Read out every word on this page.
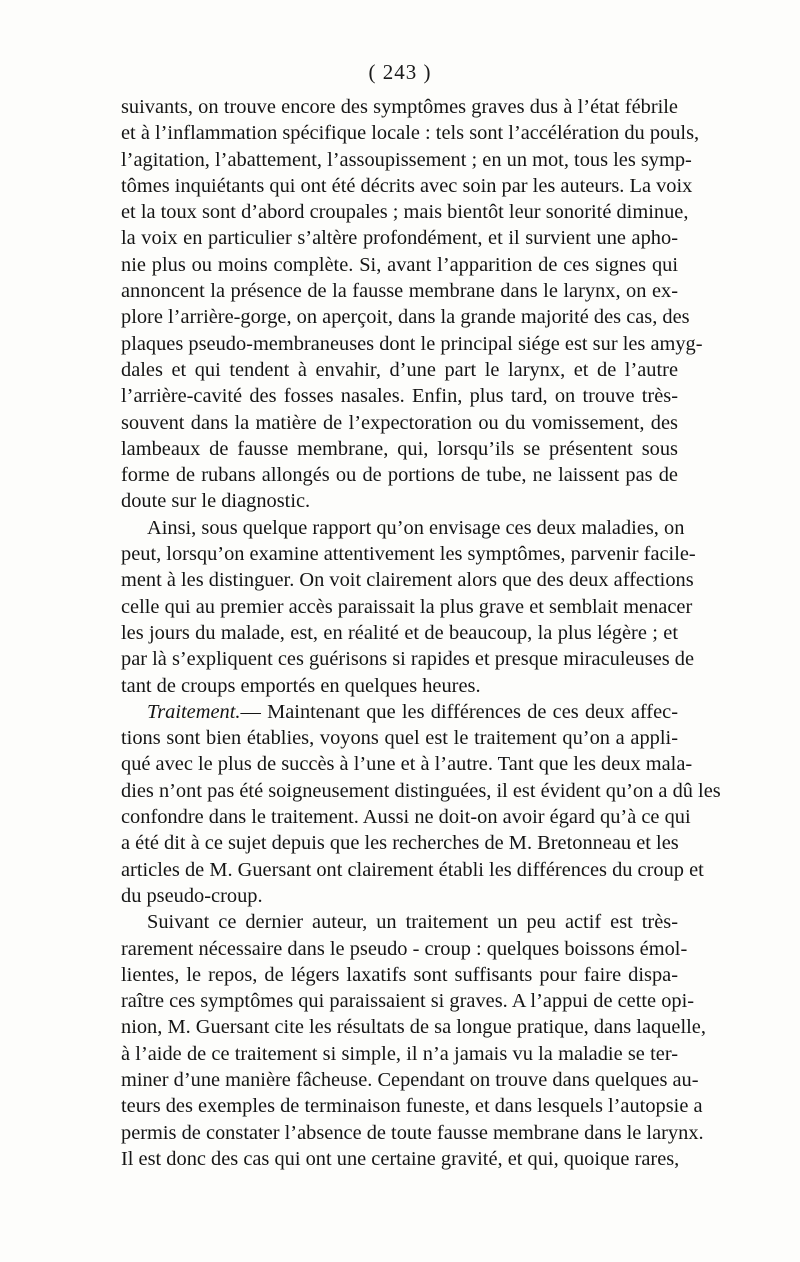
( 243 )
suivants, on trouve encore des symptômes graves dus à l’état fébrile
et à l’inflammation spécifique locale : tels sont l’accélération du pouls,
l’agitation, l’abattement, l’assoupissement ; en un mot, tous les symp-
tômes inquiétants qui ont été décrits avec soin par les auteurs. La voix
et la toux sont d’abord croupales ; mais bientôt leur sonorité diminue,
la voix en particulier s’altère profondément, et il survient une apho-
nie plus ou moins complète. Si, avant l’apparition de ces signes qui
annoncent la présence de la fausse membrane dans le larynx, on ex-
plore l’arrière-gorge, on aperçoit, dans la grande majorité des cas, des
plaques pseudo-membraneuses dont le principal siége est sur les amyg-
dales et qui tendent à envahir, d’une part le larynx, et de l’autre
l’arrière-cavité des fosses nasales. Enfin, plus tard, on trouve très-
souvent dans la matière de l’expectoration ou du vomissement, des
lambeaux de fausse membrane, qui, lorsqu’ils se présentent sous
forme de rubans allongés ou de portions de tube, ne laissent pas de
doute sur le diagnostic.
Ainsi, sous quelque rapport qu’on envisage ces deux maladies, on
peut, lorsqu’on examine attentivement les symptômes, parvenir facile-
ment à les distinguer. On voit clairement alors que des deux affections
celle qui au premier accès paraissait la plus grave et semblait menacer
les jours du malade, est, en réalité et de beaucoup, la plus légère ; et
par là s’expliquent ces guérisons si rapides et presque miraculeuses de
tant de croups emportés en quelques heures.
Traitement.— Maintenant que les différences de ces deux affec-
tions sont bien établies, voyons quel est le traitement qu’on a appli-
qué avec le plus de succès à l’une et à l’autre. Tant que les deux mala-
dies n’ont pas été soigneusement distinguées, il est évident qu’on a dû les
confondre dans le traitement. Aussi ne doit-on avoir égard qu’à ce qui
a été dit à ce sujet depuis que les recherches de M. Bretonneau et les
articles de M. Guersant ont clairement établi les différences du croup et
du pseudo-croup.
Suivant ce dernier auteur, un traitement un peu actif est très-
rarement nécessaire dans le pseudo - croup : quelques boissons émol-
lientes, le repos, de légers laxatifs sont suffisants pour faire dispa-
raître ces symptômes qui paraissaient si graves. A l’appui de cette opi-
nion, M. Guersant cite les résultats de sa longue pratique, dans laquelle,
à l’aide de ce traitement si simple, il n’a jamais vu la maladie se ter-
miner d’une manière fâcheuse. Cependant on trouve dans quelques au-
teurs des exemples de terminaison funeste, et dans lesquels l’autopsie a
permis de constater l’absence de toute fausse membrane dans le larynx.
Il est donc des cas qui ont une certaine gravité, et qui, quoique rares,
